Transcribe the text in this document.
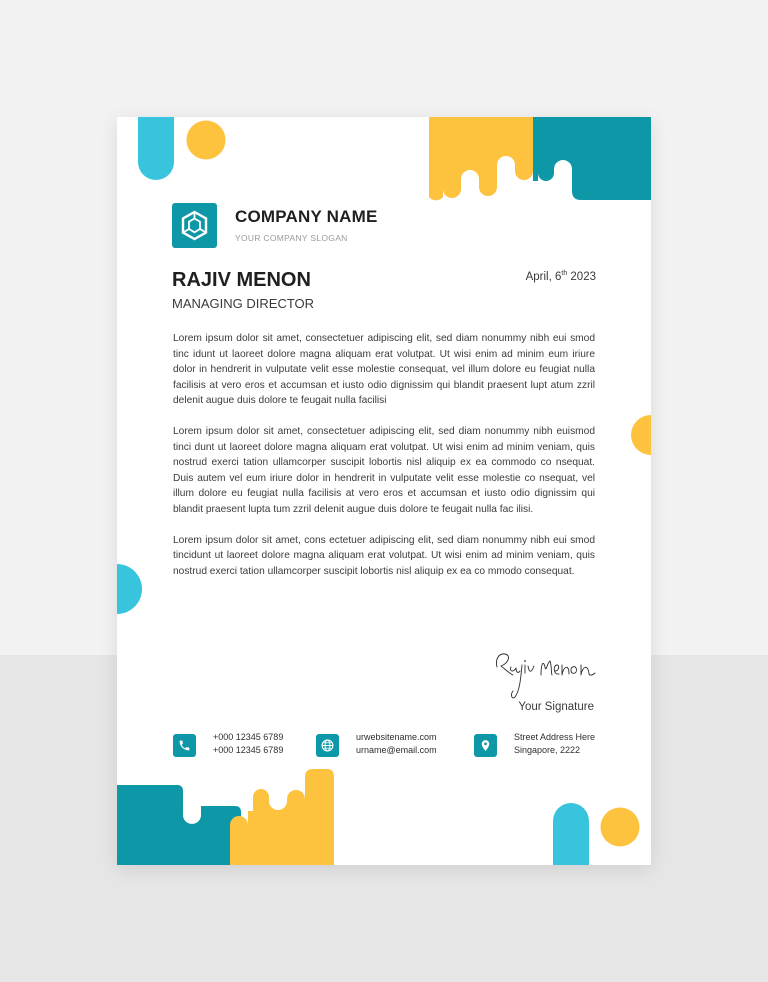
COMPANY NAME
YOUR COMPANY SLOGAN
RAJIV MENON
MANAGING DIRECTOR
April, 6th 2023

Lorem ipsum dolor sit amet, consectetuer adipiscing elit, sed diam nonummy nibh eui smod tinc idunt ut laoreet dolore magna aliquam erat volutpat. Ut wisi enim ad minim eum iriure dolor in hendrerit in vulputate velit esse molestie consequat, vel illum dolore eu feugiat nulla facilisis at vero eros et accumsan et iusto odio dignissim qui blandit praesent lupt atum zzril delenit augue duis dolore te feugait nulla facilisi

Lorem ipsum dolor sit amet, consectetuer adipiscing elit, sed diam nonummy nibh euismod tinci dunt ut laoreet dolore magna aliquam erat volutpat. Ut wisi enim ad minim veniam, quis nostrud exerci tation ullamcorper suscipit lobortis nisl aliquip ex ea commodo co nsequat. Duis autem vel eum iriure dolor in hendrerit in vulputate velit esse molestie co nsequat, vel illum dolore eu feugiat nulla facilisis at vero eros et accumsan et iusto odio dignissim qui blandit praesent lupta tum zzril delenit augue duis dolore te feugait nulla fac ilisi.

Lorem ipsum dolor sit amet, cons ectetuer adipiscing elit, sed diam nonummy nibh eui smod tincidunt ut laoreet dolore magna aliquam erat volutpat. Ut wisi enim ad minim veniam, quis nostrud exerci tation ullamcorper suscipit lobortis nisl aliquip ex ea co mmodo consequat.

Your Signature
+000 12345 6789
+000 12345 6789
urwebsitename.com
urname@email.com
Street Address Here
Singapore, 2222
